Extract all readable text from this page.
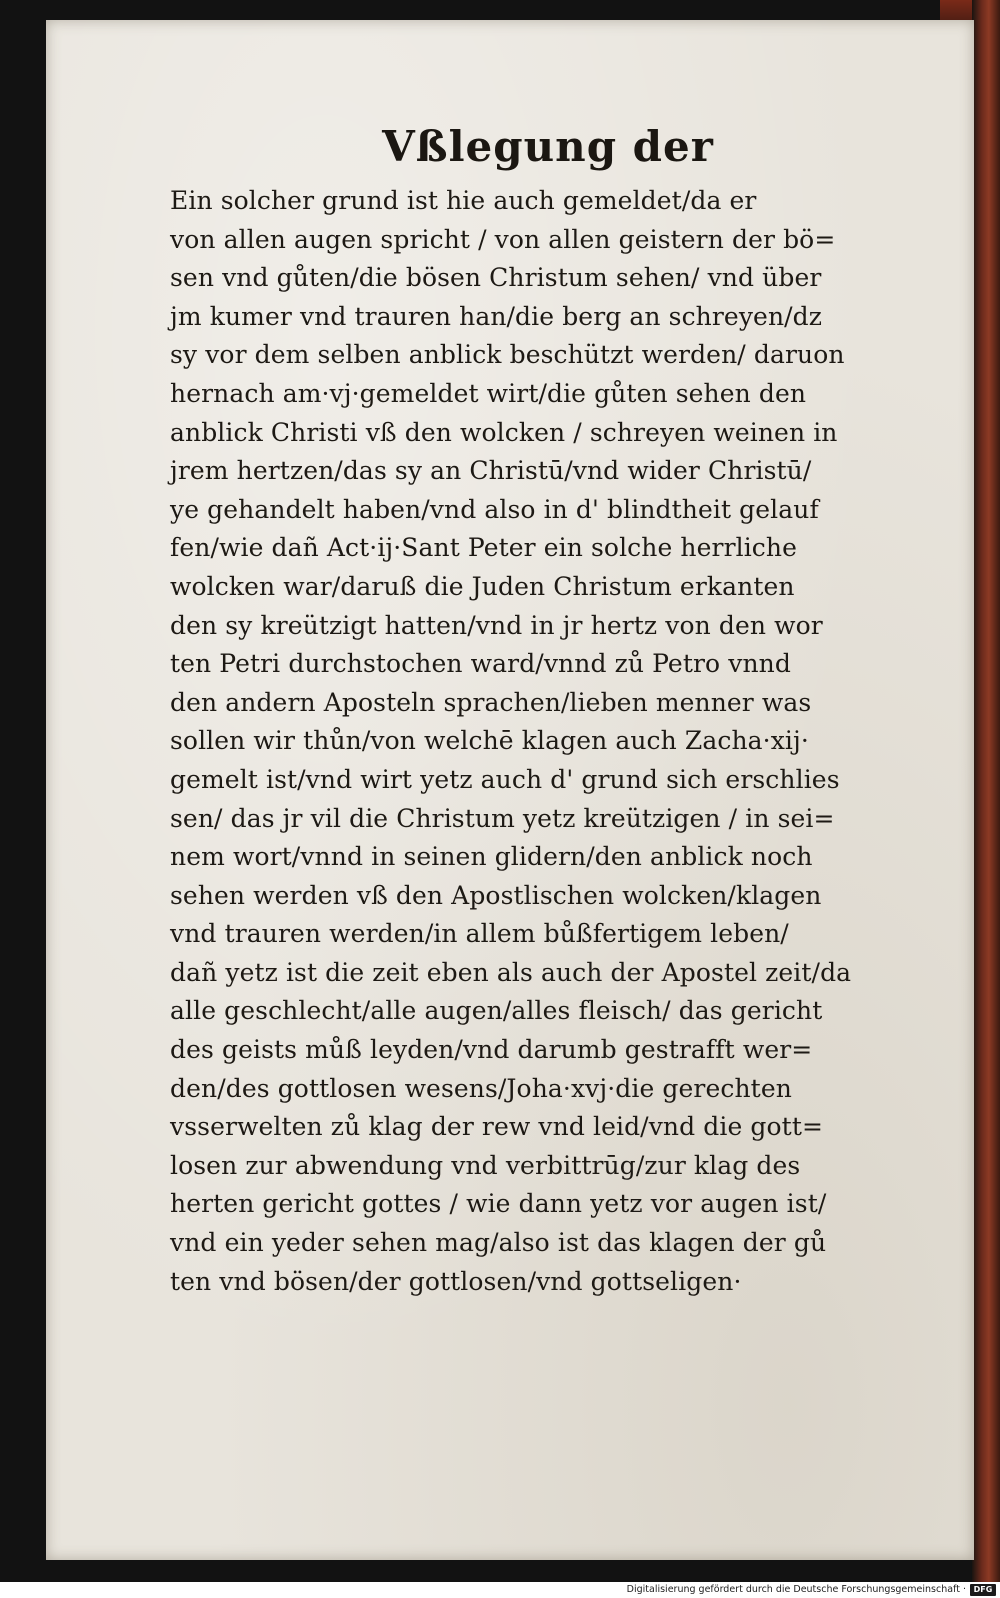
Vßlegung der
Ein solcher grund ist hie auch gemeldet/da er
von allen augen spricht / von allen geistern der bö=
sen vnd gůten/die bösen Christum sehen/ vnd über
jm kumer vnd trauren han/die berg an schreyen/dz
sy vor dem selben anblick beschützt werden/ daruon
hernach am·vj·gemeldet wirt/die gůten sehen den
anblick Christi vß den wolcken / schreyen weinen in
jrem hertzen/das sy an Christū/vnd wider Christū/
ye gehandelt haben/vnd also in d' blindtheit gelauf
fen/wie dañ Act·ij·Sant Peter ein solche herrliche
wolcken war/daruß die Juden Christum erkanten
den sy kreützigt hatten/vnd in jr hertz von den wor
ten Petri durchstochen ward/vnnd zů Petro vnnd
den andern Aposteln sprachen/lieben menner was
sollen wir thůn/von welchē klagen auch Zacha·xij·
gemelt ist/vnd wirt yetz auch d' grund sich erschlies
sen/ das jr vil die Christum yetz kreützigen / in sei=
nem wort/vnnd in seinen glidern/den anblick noch
sehen werden vß den Apostlischen wolcken/klagen
vnd trauren werden/in allem bůßfertigem leben/
dañ yetz ist die zeit eben als auch der Apostel zeit/da
alle geschlecht/alle augen/alles fleisch/ das gericht
des geists můß leyden/vnd darumb gestrafft wer=
den/des gottlosen wesens/Joha·xvj·die gerechten
vsserwelten zů klag der rew vnd leid/vnd die gott=
losen zur abwendung vnd verbittrūg/zur klag des
herten gericht gottes / wie dann yetz vor augen ist/
vnd ein yeder sehen mag/also ist das klagen der gů
ten vnd bösen/der gottlosen/vnd gottseligen·
Digitalisierung gefördert durch die Deutsche Forschungsgemeinschaft · DFG
